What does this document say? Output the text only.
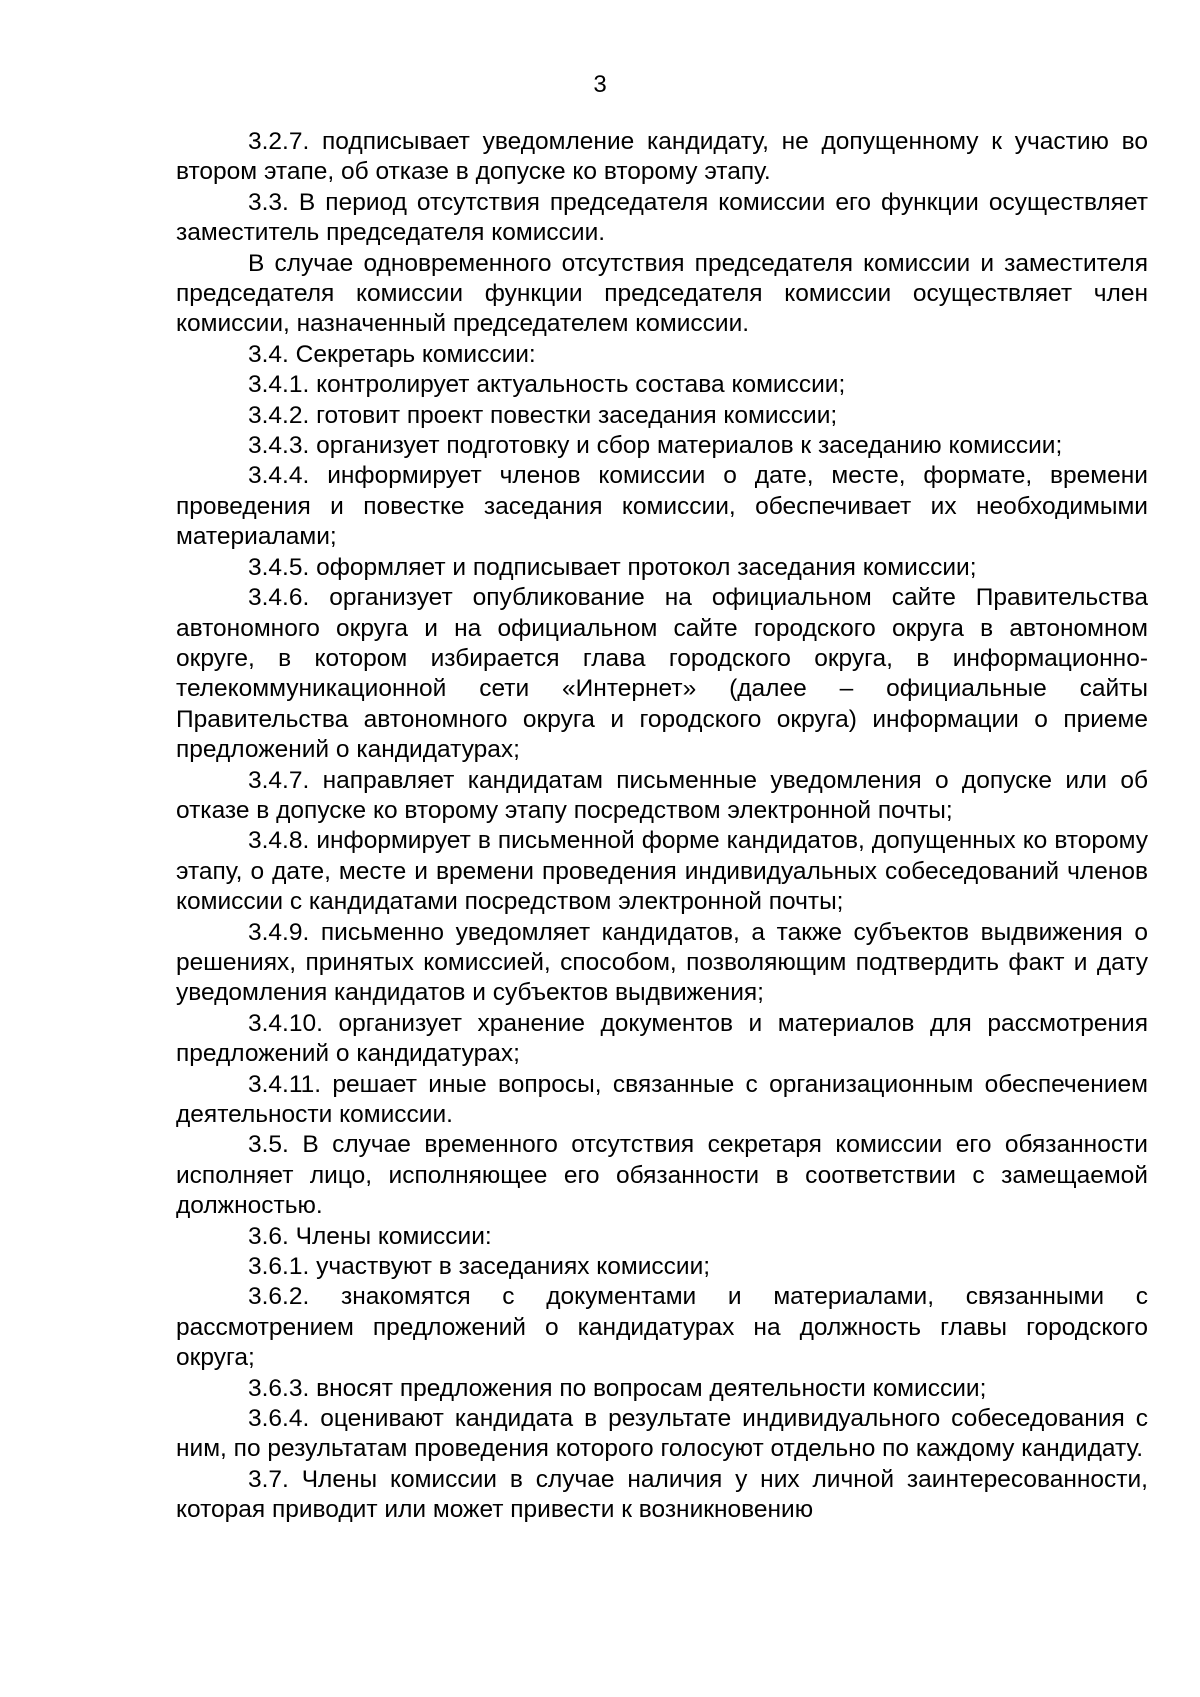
3

3.2.7. подписывает уведомление кандидату, не допущенному к участию во втором этапе, об отказе в допуске ко второму этапу.

3.3. В период отсутствия председателя комиссии его функции осуществляет заместитель председателя комиссии.

В случае одновременного отсутствия председателя комиссии и заместителя председателя комиссии функции председателя комиссии осуществляет член комиссии, назначенный председателем комиссии.

3.4. Секретарь комиссии:

3.4.1. контролирует актуальность состава комиссии;

3.4.2. готовит проект повестки заседания комиссии;

3.4.3. организует подготовку и сбор материалов к заседанию комиссии;

3.4.4. информирует членов комиссии о дате, месте, формате, времени проведения и повестке заседания комиссии, обеспечивает их необходимыми материалами;

3.4.5. оформляет и подписывает протокол заседания комиссии;

3.4.6. организует опубликование на официальном сайте Правительства автономного округа и на официальном сайте городского округа в автономном округе, в котором избирается глава городского округа, в информационно-телекоммуникационной сети «Интернет» (далее – официальные сайты Правительства автономного округа и городского округа) информации о приеме предложений о кандидатурах;

3.4.7. направляет кандидатам письменные уведомления о допуске или об отказе в допуске ко второму этапу посредством электронной почты;

3.4.8. информирует в письменной форме кандидатов, допущенных ко второму этапу, о дате, месте и времени проведения индивидуальных собеседований членов комиссии с кандидатами посредством электронной почты;

3.4.9. письменно уведомляет кандидатов, а также субъектов выдвижения о решениях, принятых комиссией, способом, позволяющим подтвердить факт и дату уведомления кандидатов и субъектов выдвижения;

3.4.10. организует хранение документов и материалов для рассмотрения предложений о кандидатурах;

3.4.11. решает иные вопросы, связанные с организационным обеспечением деятельности комиссии.

3.5. В случае временного отсутствия секретаря комиссии его обязанности исполняет лицо, исполняющее его обязанности в соответствии с замещаемой должностью.

3.6. Члены комиссии:

3.6.1. участвуют в заседаниях комиссии;

3.6.2. знакомятся с документами и материалами, связанными с рассмотрением предложений о кандидатурах на должность главы городского округа;

3.6.3. вносят предложения по вопросам деятельности комиссии;

3.6.4. оценивают кандидата в результате индивидуального собеседования с ним, по результатам проведения которого голосуют отдельно по каждому кандидату.

3.7. Члены комиссии в случае наличия у них личной заинтересованности, которая приводит или может привести к возникновению
